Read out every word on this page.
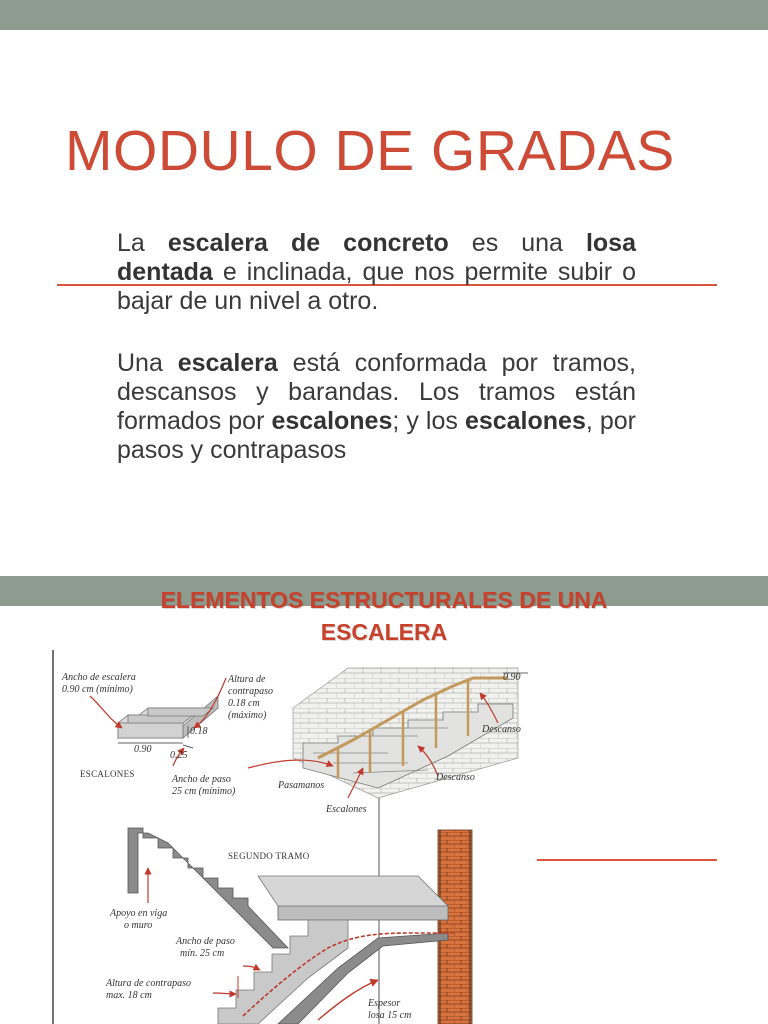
MODULO DE GRADAS
La escalera de concreto es una losa dentada e inclinada, que nos permite subir o bajar de un nivel a otro.
Una escalera está conformada por tramos, descansos y barandas. Los tramos están formados por escalones; y los escalones, por pasos y contrapasos
ELEMENTOS ESTRUCTURALES DE UNA
ESCALERA
Ancho de escalera
0.90 cm (mínimo)
Altura de
contrapaso
0.18 cm
(máximo)
0.18
0.90
0.25
ESCALONES	Ancho de paso
25 cm (mínimo)
0.90
Descanso
Descanso
Pasamanos
Escalones
SEGUNDO TRAMO
Apoyo en viga
o muro
Ancho de paso
mín. 25 cm
Altura de contrapaso
max. 18 cm
Espesor
losa 15 cm
